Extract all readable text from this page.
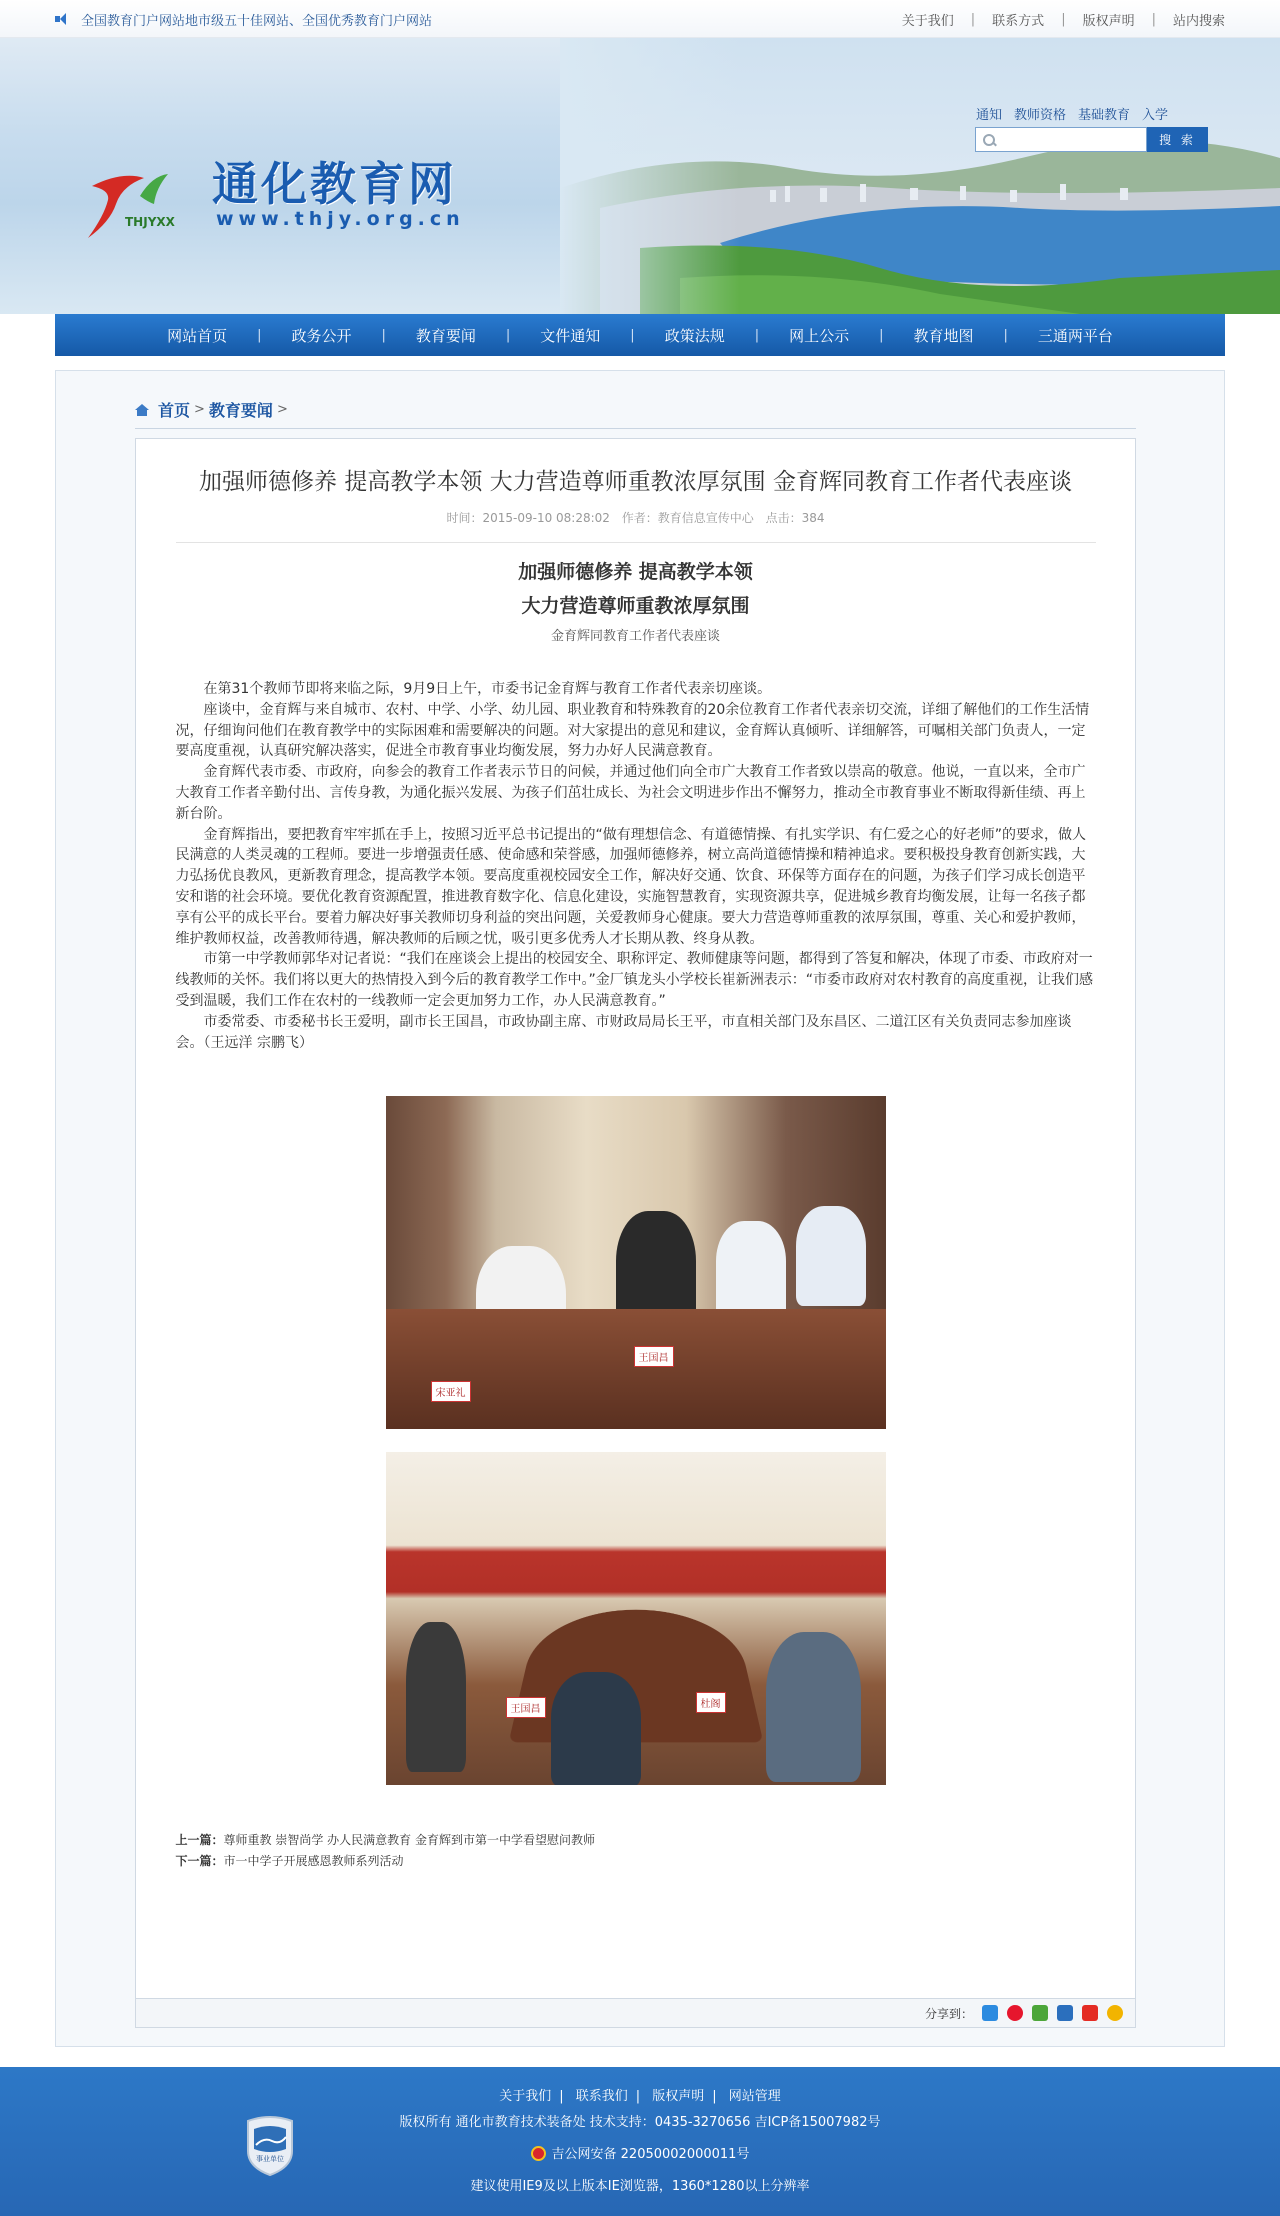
全国教育门户网站地市级五十佳网站、全国优秀教育门户网站	关于我们	|	联系方式	|	版权声明	|	站内搜索
THJYXX
通化教育网
www.thjy.org.cn
通知 教师资格 基础教育 入学
搜 索
网站首页	|	政务公开	|	教育要闻	|	文件通知	|	政策法规	|	网上公示	|	教育地图	|	三通两平台
首页 > 教育要闻 >
加强师德修养 提高教学本领 大力营造尊师重教浓厚氛围 金育辉同教育工作者代表座谈
时间：2015-09-10 08:28:02 作者：教育信息宣传中心 点击：384
加强师德修养 提高教学本领
大力营造尊师重教浓厚氛围
金育辉同教育工作者代表座谈

在第31个教师节即将来临之际，9月9日上午，市委书记金育辉与教育工作者代表亲切座谈。

座谈中，金育辉与来自城市、农村、中学、小学、幼儿园、职业教育和特殊教育的20余位教育工作者代表亲切交流，详细了解他们的工作生活情况，仔细询问他们在教育教学中的实际困难和需要解决的问题。对大家提出的意见和建议，金育辉认真倾听、详细解答，可嘱相关部门负责人，一定要高度重视，认真研究解决落实，促进全市教育事业均衡发展，努力办好人民满意教育。

金育辉代表市委、市政府，向参会的教育工作者表示节日的问候，并通过他们向全市广大教育工作者致以崇高的敬意。他说，一直以来，全市广大教育工作者辛勤付出、言传身教，为通化振兴发展、为孩子们茁壮成长、为社会文明进步作出不懈努力，推动全市教育事业不断取得新佳绩、再上新台阶。

金育辉指出，要把教育牢牢抓在手上，按照习近平总书记提出的“做有理想信念、有道德情操、有扎实学识、有仁爱之心的好老师”的要求，做人民满意的人类灵魂的工程师。要进一步增强责任感、使命感和荣誉感，加强师德修养，树立高尚道德情操和精神追求。要积极投身教育创新实践，大力弘扬优良教风，更新教育理念，提高教学本领。要高度重视校园安全工作，解决好交通、饮食、环保等方面存在的问题，为孩子们学习成长创造平安和谐的社会环境。要优化教育资源配置，推进教育数字化、信息化建设，实施智慧教育，实现资源共享，促进城乡教育均衡发展，让每一名孩子都享有公平的成长平台。要着力解决好事关教师切身利益的突出问题，关爱教师身心健康。要大力营造尊师重教的浓厚氛围，尊重、关心和爱护教师，维护教师权益，改善教师待遇，解决教师的后顾之忧，吸引更多优秀人才长期从教、终身从教。

市第一中学教师郭华对记者说：“我们在座谈会上提出的校园安全、职称评定、教师健康等问题，都得到了答复和解决，体现了市委、市政府对一线教师的关怀。我们将以更大的热情投入到今后的教育教学工作中。”金厂镇龙头小学校长崔新洲表示：“市委市政府对农村教育的高度重视，让我们感受到温暖，我们工作在农村的一线教师一定会更加努力工作，办人民满意教育。”

市委常委、市委秘书长王爱明，副市长王国昌，市政协副主席、市财政局局长王平，市直相关部门及东昌区、二道江区有关负责同志参加座谈会。（王远洋 宗鹏飞）

宋亚礼
王国昌
王国昌	杜阁
上一篇：尊师重教 崇智尚学 办人民满意教育 金育辉到市第一中学看望慰问教师
下一篇：市一中学子开展感恩教师系列活动
分享到：
关于我们 | 联系我们 | 版权声明 | 网站管理
版权所有 通化市教育技术装备处 技术支持：0435-3270656 吉ICP备15007982号
吉公网安备 22050002000011号
建议使用IE9及以上版本IE浏览器，1360*1280以上分辨率
事业单位
